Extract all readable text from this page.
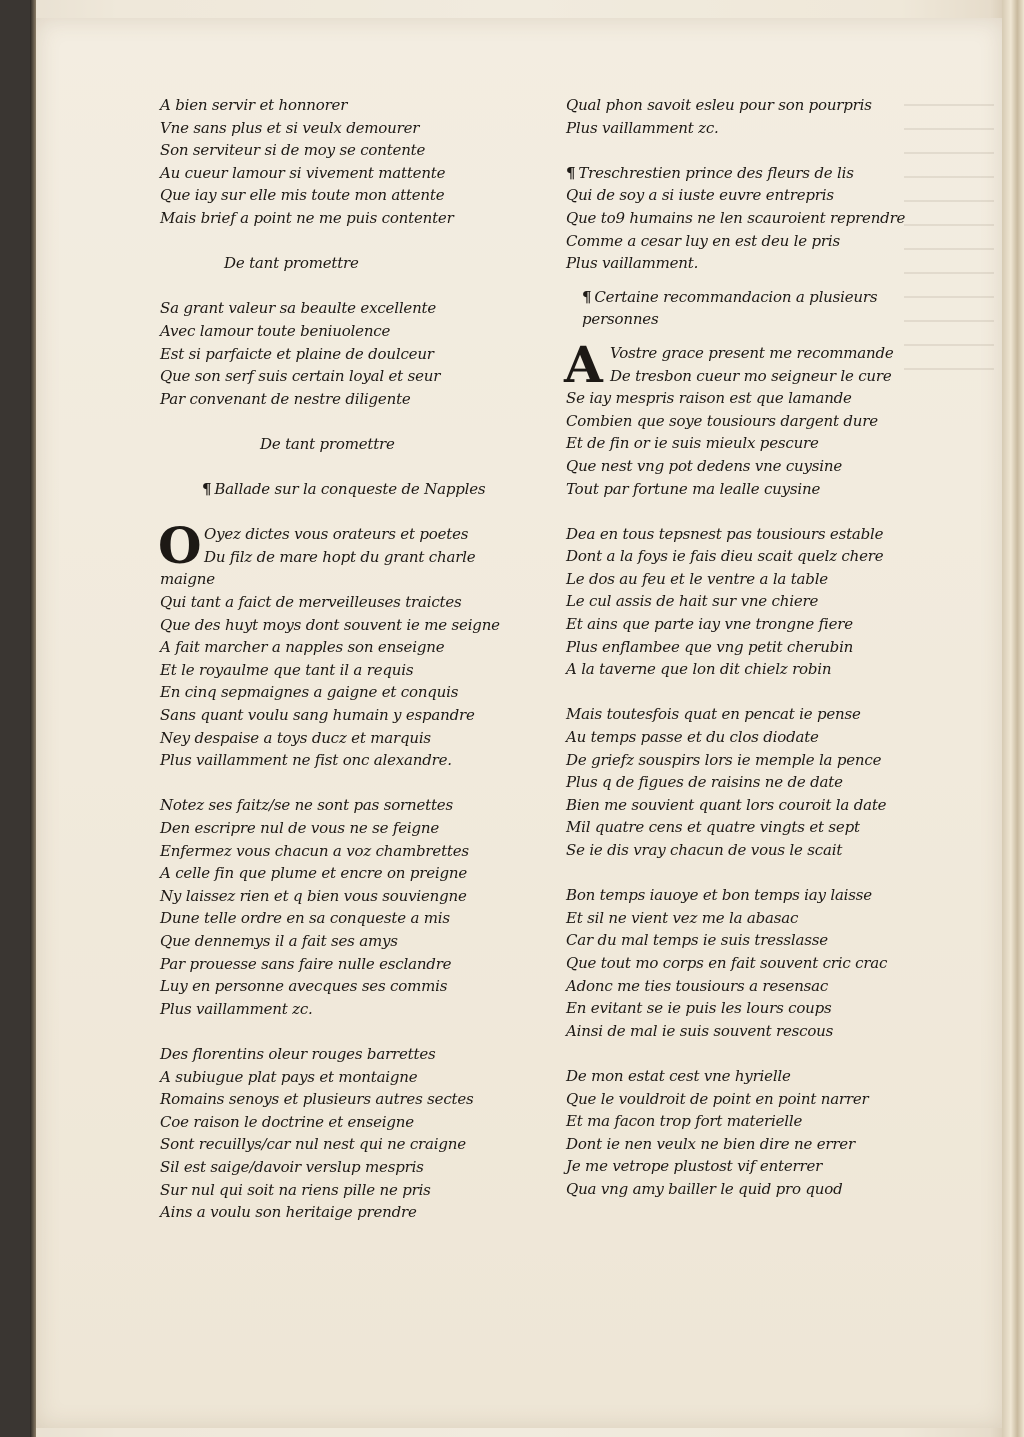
A bien servir et honnorer
Vne sans plus et si veulx demourer
Son serviteur si de moy se contente
Au cueur lamour si vivement mattente
Que iay sur elle mis toute mon attente
Mais brief a point ne me puis contenter
De tant promettre
Sa grant valeur sa beaulte excellente
Avec lamour toute beniuolence
Est si parfaicte et plaine de doulceur
Que son serf suis certain loyal et seur
Par convenant de nestre diligente
De tant promettre
¶ Ballade sur la conqueste de Napples
O Oyez dictes vous orateurs et poetes
Du filz de mare hopt du grant charle
maigne
Qui tant a faict de merveilleuses traictes
Que des huyt moys dont souvent ie me seigne
A fait marcher a napples son enseigne
Et le royaulme que tant il a requis
En cinq sepmaignes a gaigne et conquis
Sans quant voulu sang humain y espandre
Ney despaise a toys ducz et marquis
Plus vaillamment ne fist onc alexandre.
Notez ses faitz/se ne sont pas sornettes
Den escripre nul de vous ne se feigne
Enfermez vous chacun a voz chambrettes
A celle fin que plume et encre on preigne
Ny laissez rien et q bien vous souviengne
Dune telle ordre en sa conqueste a mis
Que dennemys il a fait ses amys
Par prouesse sans faire nulle esclandre
Luy en personne avecques ses commis
Plus vaillamment zc.
Des florentins oleur rouges barrettes
A subiugue plat pays et montaigne
Romains senoys et plusieurs autres sectes
Coe raison le doctrine et enseigne
Sont recuillys/car nul nest qui ne craigne
Sil est saige/davoir verslup mespris
Sur nul qui soit na riens pille ne pris
Ains a voulu son heritaige prendre
Qual phon savoit esleu pour son pourpris
Plus vaillamment zc.
¶ Treschrestien prince des fleurs de lis
Qui de soy a si iuste euvre entrepris
Que to9 humains ne len scauroient reprendre
Comme a cesar luy en est deu le pris
Plus vaillamment.
¶ Certaine recommandacion a plusieurs
personnes
A Vostre grace present me recommande
De tresbon cueur mo seigneur le cure
Se iay mespris raison est que lamande
Combien que soye tousiours dargent dure
Et de fin or ie suis mieulx pescure
Que nest vng pot dedens vne cuysine
Tout par fortune ma lealle cuysine
Dea en tous tepsnest pas tousiours estable
Dont a la foys ie fais dieu scait quelz chere
Le dos au feu et le ventre a la table
Le cul assis de hait sur vne chiere
Et ains que parte iay vne trongne fiere
Plus enflambee que vng petit cherubin
A la taverne que lon dit chielz robin
Mais toutesfois quat en pencat ie pense
Au temps passe et du clos diodate
De griefz souspirs lors ie memple la pence
Plus q de figues de raisins ne de date
Bien me souvient quant lors couroit la date
Mil quatre cens et quatre vingts et sept
Se ie dis vray chacun de vous le scait
Bon temps iauoye et bon temps iay laisse
Et sil ne vient vez me la abasac
Car du mal temps ie suis tresslasse
Que tout mo corps en fait souvent cric crac
Adonc me ties tousiours a resensac
En evitant se ie puis les lours coups
Ainsi de mal ie suis souvent rescous
De mon estat cest vne hyrielle
Que le vouldroit de point en point narrer
Et ma facon trop fort materielle
Dont ie nen veulx ne bien dire ne errer
Je me vetrope plustost vif enterrer
Qua vng amy bailler le quid pro quod
